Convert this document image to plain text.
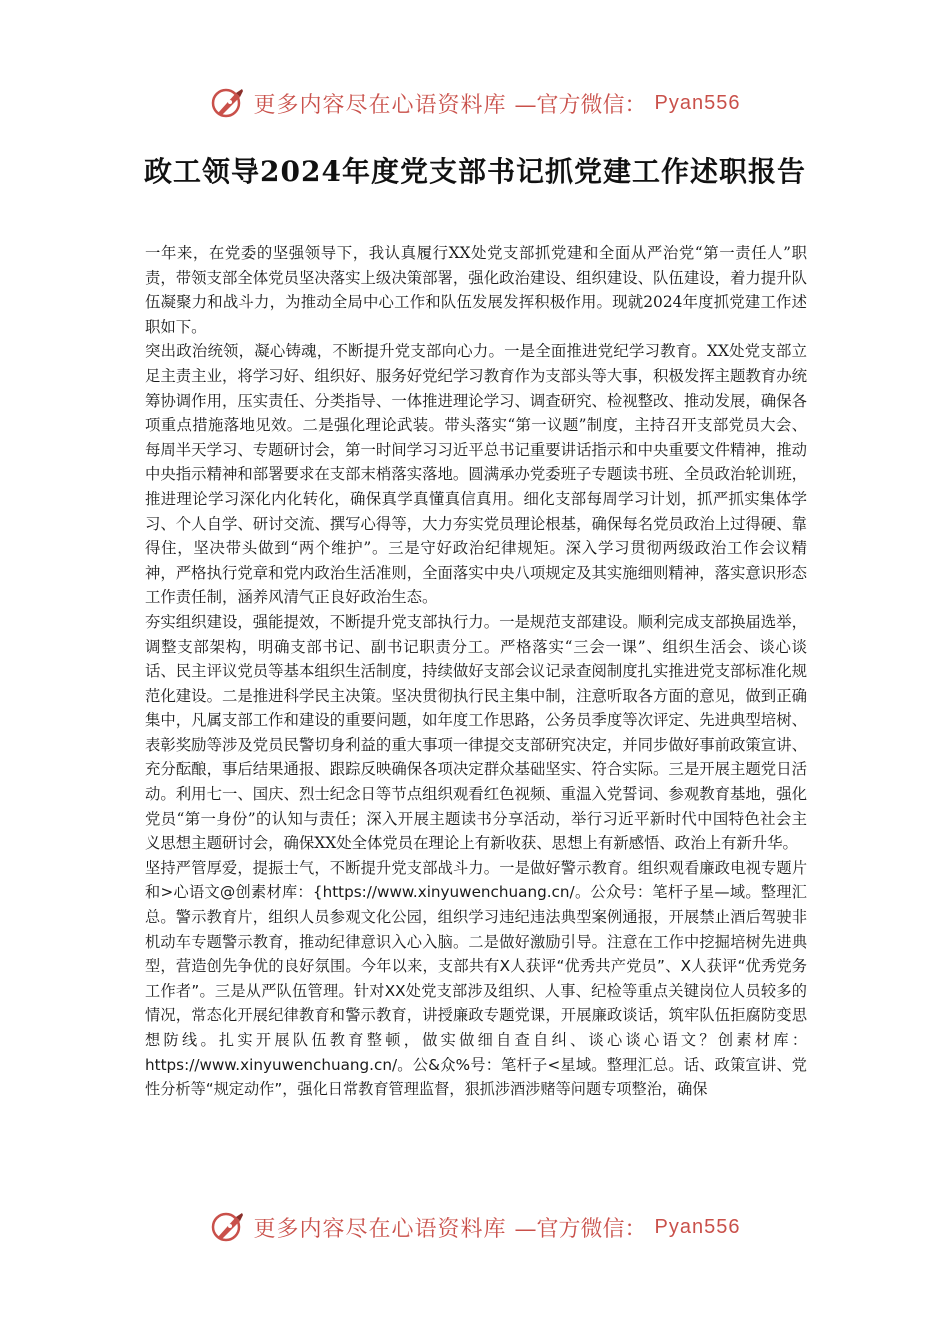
更多内容尽在心语资料库 —官方微信： Pyan556
政工领导2024年度党支部书记抓党建工作述职报告

一年来，在党委的坚强领导下，我认真履行XX处党支部抓党建和全面从严治党“第一责任人”职责，带领支部全体党员坚决落实上级决策部署，强化政治建设、组织建设、队伍建设，着力提升队伍凝聚力和战斗力，为推动全局中心工作和队伍发展发挥积极作用。现就2024年度抓党建工作述职如下。

突出政治统领，凝心铸魂，不断提升党支部向心力。一是全面推进党纪学习教育。XX处党支部立足主责主业，将学习好、组织好、服务好党纪学习教育作为支部头等大事，积极发挥主题教育办统筹协调作用，压实责任、分类指导、一体推进理论学习、调查研究、检视整改、推动发展，确保各项重点措施落地见效。二是强化理论武装。带头落实“第一议题”制度，主持召开支部党员大会、每周半天学习、专题研讨会，第一时间学习习近平总书记重要讲话指示和中央重要文件精神，推动中央指示精神和部署要求在支部末梢落实落地。圆满承办党委班子专题读书班、全员政治轮训班，推进理论学习深化内化转化，确保真学真懂真信真用。细化支部每周学习计划，抓严抓实集体学习、个人自学、研讨交流、撰写心得等，大力夯实党员理论根基，确保每名党员政治上过得硬、靠得住，坚决带头做到“两个维护”。三是守好政治纪律规矩。深入学习贯彻两级政治工作会议精神，严格执行党章和党内政治生活准则，全面落实中央八项规定及其实施细则精神，落实意识形态工作责任制，涵养风清气正良好政治生态。

夯实组织建设，强能提效，不断提升党支部执行力。一是规范支部建设。顺利完成支部换届选举，调整支部架构，明确支部书记、副书记职责分工。严格落实“三会一课”、组织生活会、谈心谈话、民主评议党员等基本组织生活制度，持续做好支部会议记录查阅制度扎实推进党支部标准化规范化建设。二是推进科学民主决策。坚决贯彻执行民主集中制，注意听取各方面的意见，做到正确集中，凡属支部工作和建设的重要问题，如年度工作思路，公务员季度等次评定、先进典型培树、表彰奖励等涉及党员民警切身利益的重大事项一律提交支部研究决定，并同步做好事前政策宣讲、充分酝酿，事后结果通报、跟踪反映确保各项决定群众基础坚实、符合实际。三是开展主题党日活动。利用七一、国庆、烈士纪念日等节点组织观看红色视频、重温入党誓词、参观教育基地，强化党员“第一身份”的认知与责任；深入开展主题读书分享活动，举行习近平新时代中国特色社会主义思想主题研讨会，确保XX处全体党员在理论上有新收获、思想上有新感悟、政治上有新升华。

坚持严管厚爱，提振士气，不断提升党支部战斗力。一是做好警示教育。组织观看廉政电视专题片和>心语文@创素材库：{https://www.xinyuwenchuang.cn/。公众号：笔杆子星—域。整理汇总。警示教育片，组织人员参观文化公园，组织学习违纪违法典型案例通报，开展禁止酒后驾驶非机动车专题警示教育，推动纪律意识入心入脑。二是做好激励引导。注意在工作中挖掘培树先进典型，营造创先争优的良好氛围。今年以来，支部共有X人获评“优秀共产党员”、X人获评“优秀党务工作者”。三是从严队伍管理。针对XX处党支部涉及组织、人事、纪检等重点关键岗位人员较多的情况，常态化开展纪律教育和警示教育，讲授廉政专题党课，开展廉政谈话，筑牢队伍拒腐防变思想防线。扎实开展队伍教育整顿，做实做细自查自纠、谈心谈心语文？创素材库：https://www.xinyuwenchuang.cn/。公&众%号：笔杆子<星域。整理汇总。话、政策宣讲、党性分析等“规定动作”，强化日常教育管理监督，狠抓涉酒涉赌等问题专项整治，确保

更多内容尽在心语资料库 —官方微信： Pyan556
